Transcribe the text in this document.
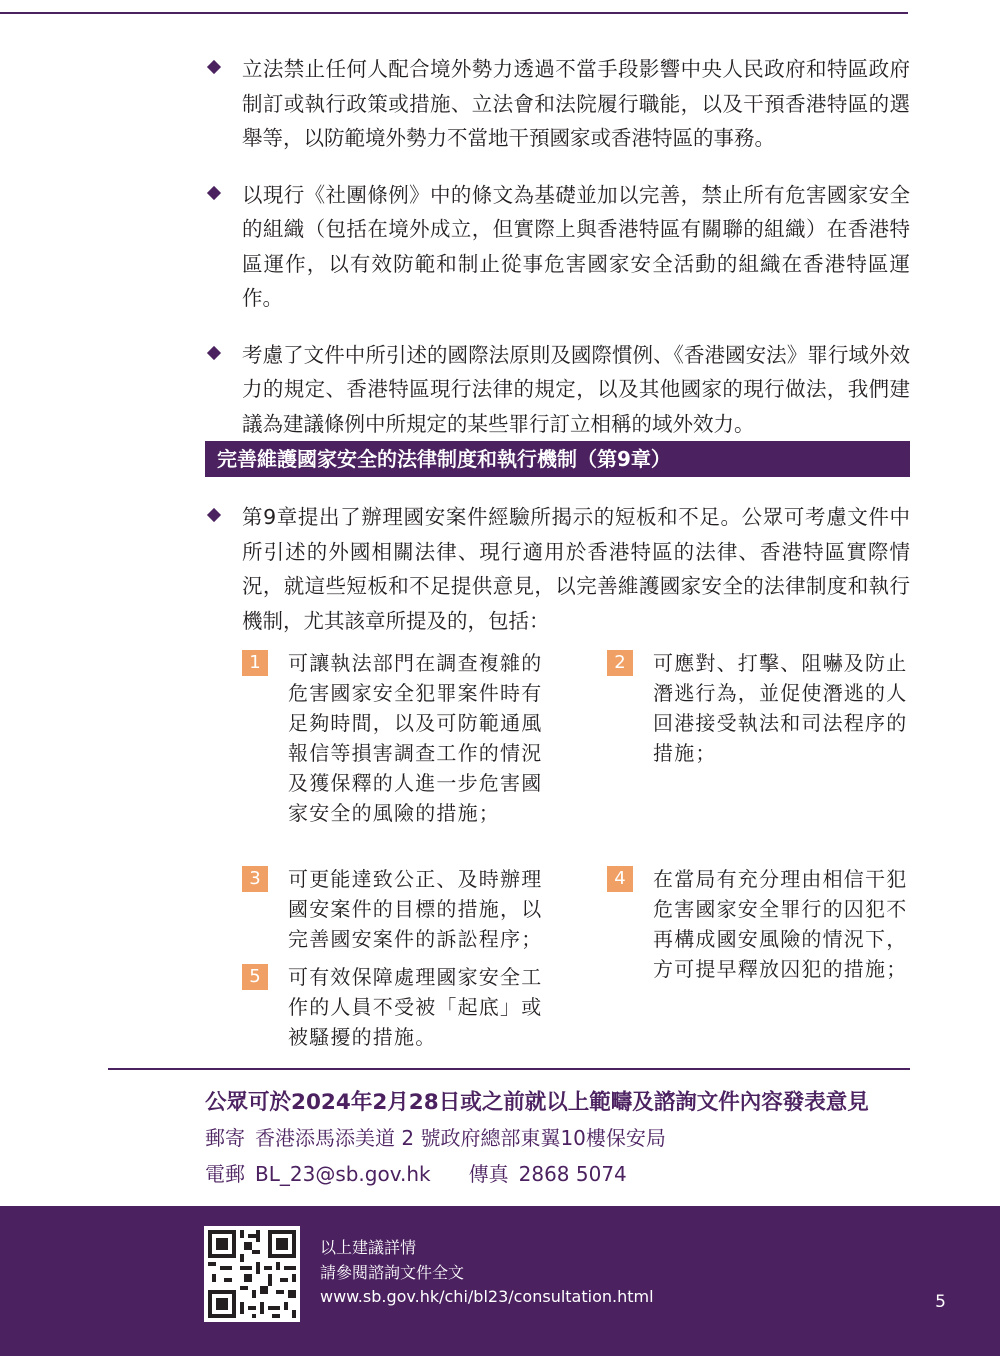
立法禁止任何人配合境外勢力透過不當手段影響中央人民政府和特區政府制訂或執行政策或措施、立法會和法院履行職能，以及干預香港特區的選舉等，以防範境外勢力不當地干預國家或香港特區的事務。
以現行《社團條例》中的條文為基礎並加以完善，禁止所有危害國家安全的組織（包括在境外成立，但實際上與香港特區有關聯的組織）在香港特區運作，以有效防範和制止從事危害國家安全活動的組織在香港特區運作。
考慮了文件中所引述的國際法原則及國際慣例、《香港國安法》罪行域外效力的規定、香港特區現行法律的規定，以及其他國家的現行做法，我們建議為建議條例中所規定的某些罪行訂立相稱的域外效力。
完善維護國家安全的法律制度和執行機制（第9章）
第9章提出了辦理國安案件經驗所揭示的短板和不足。公眾可考慮文件中所引述的外國相關法律、現行適用於香港特區的法律、香港特區實際情況，就這些短板和不足提供意見，以完善維護國家安全的法律制度和執行機制，尤其該章所提及的，包括：
1	可讓執法部門在調查複雜的危害國家安全犯罪案件時有足夠時間，以及可防範通風報信等損害調查工作的情況及獲保釋的人進一步危害國家安全的風險的措施；
2	可應對、打擊、阻嚇及防止潛逃行為，並促使潛逃的人回港接受執法和司法程序的措施；
3	可更能達致公正、及時辦理國安案件的目標的措施，以完善國安案件的訴訟程序；
4	在當局有充分理由相信干犯危害國家安全罪行的囚犯不再構成國安風險的情況下，方可提早釋放囚犯的措施；
5	可有效保障處理國家安全工作的人員不受被「起底」或被騷擾的措施。
公眾可於2024年2月28日或之前就以上範疇及諮詢文件內容發表意見
郵寄 香港添馬添美道 2 號政府總部東翼10樓保安局
電郵 BL_23@sb.gov.hk 傳真 2868 5074
以上建議詳情
請參閱諮詢文件全文
www.sb.gov.hk/chi/bl23/consultation.html	5
